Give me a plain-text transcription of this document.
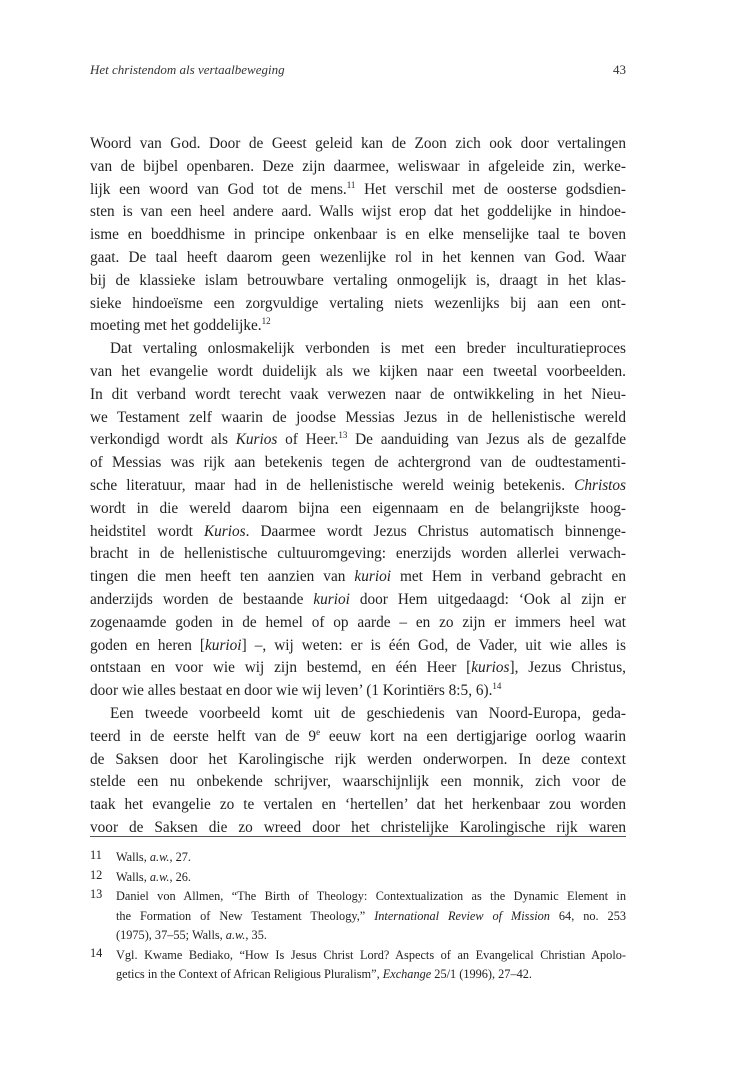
Het christendom als vertaalbeweging	43
Woord van God. Door de Geest geleid kan de Zoon zich ook door vertalingen
van de bijbel openbaren. Deze zijn daarmee, weliswaar in afgeleide zin, werke-
lijk een woord van God tot de mens.$^{11}$ Het verschil met de oosterse godsdien-
sten is van een heel andere aard. Walls wijst erop dat het goddelijke in hindoe-
isme en boeddhisme in principe onkenbaar is en elke menselijke taal te boven
gaat. De taal heeft daarom geen wezenlijke rol in het kennen van God. Waar
bij de klassieke islam betrouwbare vertaling onmogelijk is, draagt in het klas-
sieke hindoeïsme een zorgvuldige vertaling niets wezenlijks bij aan een ont-
moeting met het goddelijke.$^{12}$
Dat vertaling onlosmakelijk verbonden is met een breder inculturatieproces
van het evangelie wordt duidelijk als we kijken naar een tweetal voorbeelden.
In dit verband wordt terecht vaak verwezen naar de ontwikkeling in het Nieu-
we Testament zelf waarin de joodse Messias Jezus in de hellenistische wereld
verkondigd wordt als Kurios of Heer.$^{13}$ De aanduiding van Jezus als de gezalfde
of Messias was rijk aan betekenis tegen de achtergrond van de oudtestamenti-
sche literatuur, maar had in de hellenistische wereld weinig betekenis. Christos
wordt in die wereld daarom bijna een eigennaam en de belangrijkste hoog-
heidstitel wordt Kurios. Daarmee wordt Jezus Christus automatisch binnenge-
bracht in de hellenistische cultuuromgeving: enerzijds worden allerlei verwach-
tingen die men heeft ten aanzien van kurioi met Hem in verband gebracht en
anderzijds worden de bestaande kurioi door Hem uitgedaagd: ‘Ook al zijn er
zogenaamde goden in de hemel of op aarde – en zo zijn er immers heel wat
goden en heren [kurioi] –, wij weten: er is één God, de Vader, uit wie alles is
ontstaan en voor wie wij zijn bestemd, en één Heer [kurios], Jezus Christus,
door wie alles bestaat en door wie wij leven’ (1 Korintiërs 8:5, 6).$^{14}$
Een tweede voorbeeld komt uit de geschiedenis van Noord-Europa, geda-
teerd in de eerste helft van de 9e eeuw kort na een dertigjarige oorlog waarin
de Saksen door het Karolingische rijk werden onderworpen. In deze context
stelde een nu onbekende schrijver, waarschijnlijk een monnik, zich voor de
taak het evangelie zo te vertalen en ‘hertellen’ dat het herkenbaar zou worden
voor de Saksen die zo wreed door het christelijke Karolingische rijk waren
11	Walls, a.w., 27.
12	Walls, a.w., 26.
13	Daniel von Allmen, “The Birth of Theology: Contextualization as the Dynamic Element in
the Formation of New Testament Theology,” International Review of Mission 64, no. 253
(1975), 37–55; Walls, a.w., 35.
14	Vgl. Kwame Bediako, “How Is Jesus Christ Lord? Aspects of an Evangelical Christian Apolo-
getics in the Context of African Religious Pluralism”, Exchange 25/1 (1996), 27–42.
